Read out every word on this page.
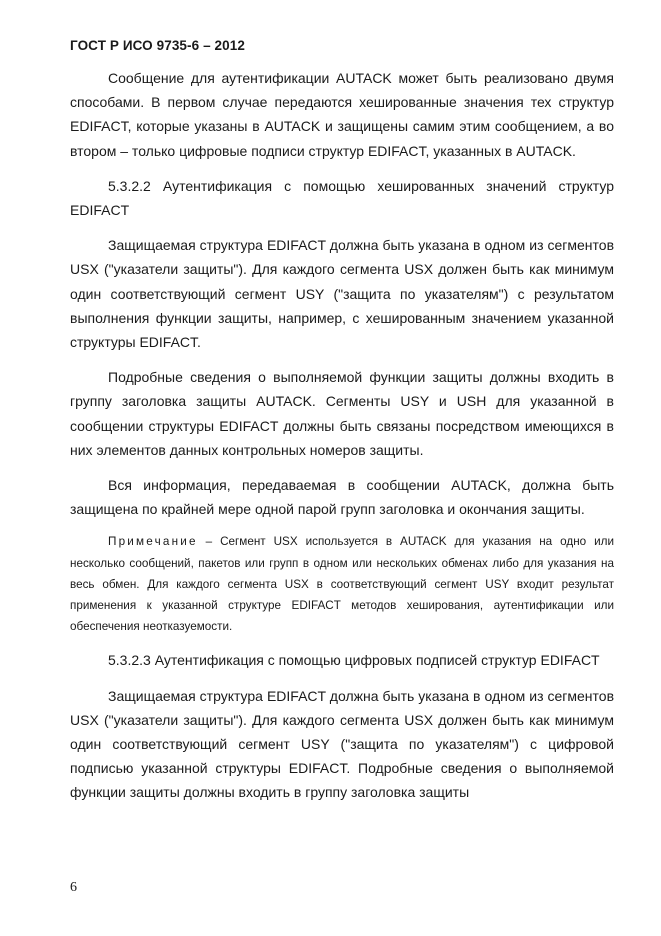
ГОСТ Р ИСО 9735-6 – 2012

Сообщение для аутентификации AUTACK может быть реализовано двумя способами. В первом случае передаются хешированные значения тех структур EDIFACT, которые указаны в AUTACK и защищены самим этим сообщением, а во втором – только цифровые подписи структур EDIFACT, указанных в AUTACK.

5.3.2.2 Аутентификация с помощью хешированных значений структур EDIFACT

Защищаемая структура EDIFACT должна быть указана в одном из сегментов USX ("указатели защиты"). Для каждого сегмента USX должен быть как минимум один соответствующий сегмент USY ("защита по указателям") с результатом выполнения функции защиты, например, с хешированным значением указанной структуры EDIFACT.

Подробные сведения о выполняемой функции защиты должны входить в группу заголовка защиты AUTACK. Сегменты USY и USH для указанной в сообщении структуры EDIFACT должны быть связаны посредством имеющихся в них элементов данных контрольных номеров защиты.

Вся информация, передаваемая в сообщении AUTACK, должна быть защищена по крайней мере одной парой групп заголовка и окончания защиты.

Примечание – Сегмент USX используется в AUTACK для указания на одно или несколько сообщений, пакетов или групп в одном или нескольких обменах либо для указания на весь обмен. Для каждого сегмента USX в соответствующий сегмент USY входит результат применения к указанной структуре EDIFACT методов хеширования, аутентификации или обеспечения неотказуемости.

5.3.2.3 Аутентификация с помощью цифровых подписей структур EDIFACT

Защищаемая структура EDIFACT должна быть указана в одном из сегментов USX ("указатели защиты"). Для каждого сегмента USX должен быть как минимум один соответствующий сегмент USY ("защита по указателям") с цифровой подписью указанной структуры EDIFACT. Подробные сведения о выполняемой функции защиты должны входить в группу заголовка защиты

6
